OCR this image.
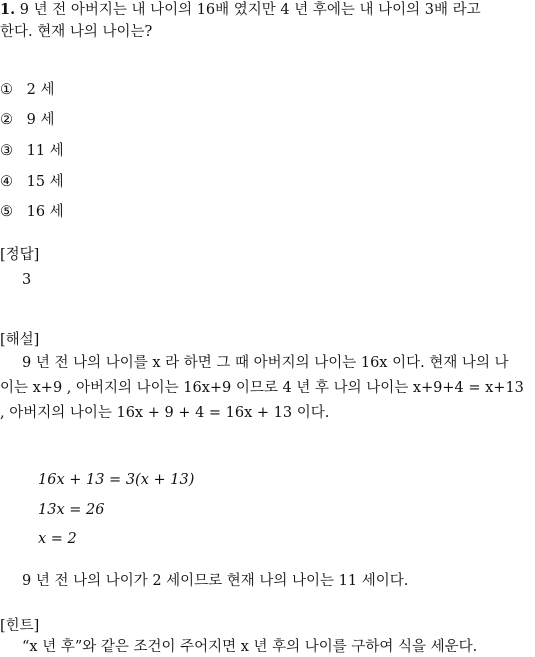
1. 9 년 전 아버지는 내 나이의 16배 였지만 4 년 후에는 내 나이의 3배 라고
한다. 현재 나의 나이는?
① 2 세
② 9 세
③ 11 세
④ 15 세
⑤ 16 세
[정답]
3
[해설]
9 년 전 나의 나이를 x 라 하면 그 때 아버지의 나이는 16x 이다. 현재 나의 나
이는 x+9 , 아버지의 나이는 16x+9 이므로 4 년 후 나의 나이는 x+9+4 = x+13
, 아버지의 나이는 16x + 9 + 4 = 16x + 13 이다.
16x + 13 = 3(x + 13)
13x = 26
x = 2
9 년 전 나의 나이가 2 세이므로 현재 나의 나이는 11 세이다.
[힌트]
“x 년 후”와 같은 조건이 주어지면 x 년 후의 나이를 구하여 식을 세운다.
